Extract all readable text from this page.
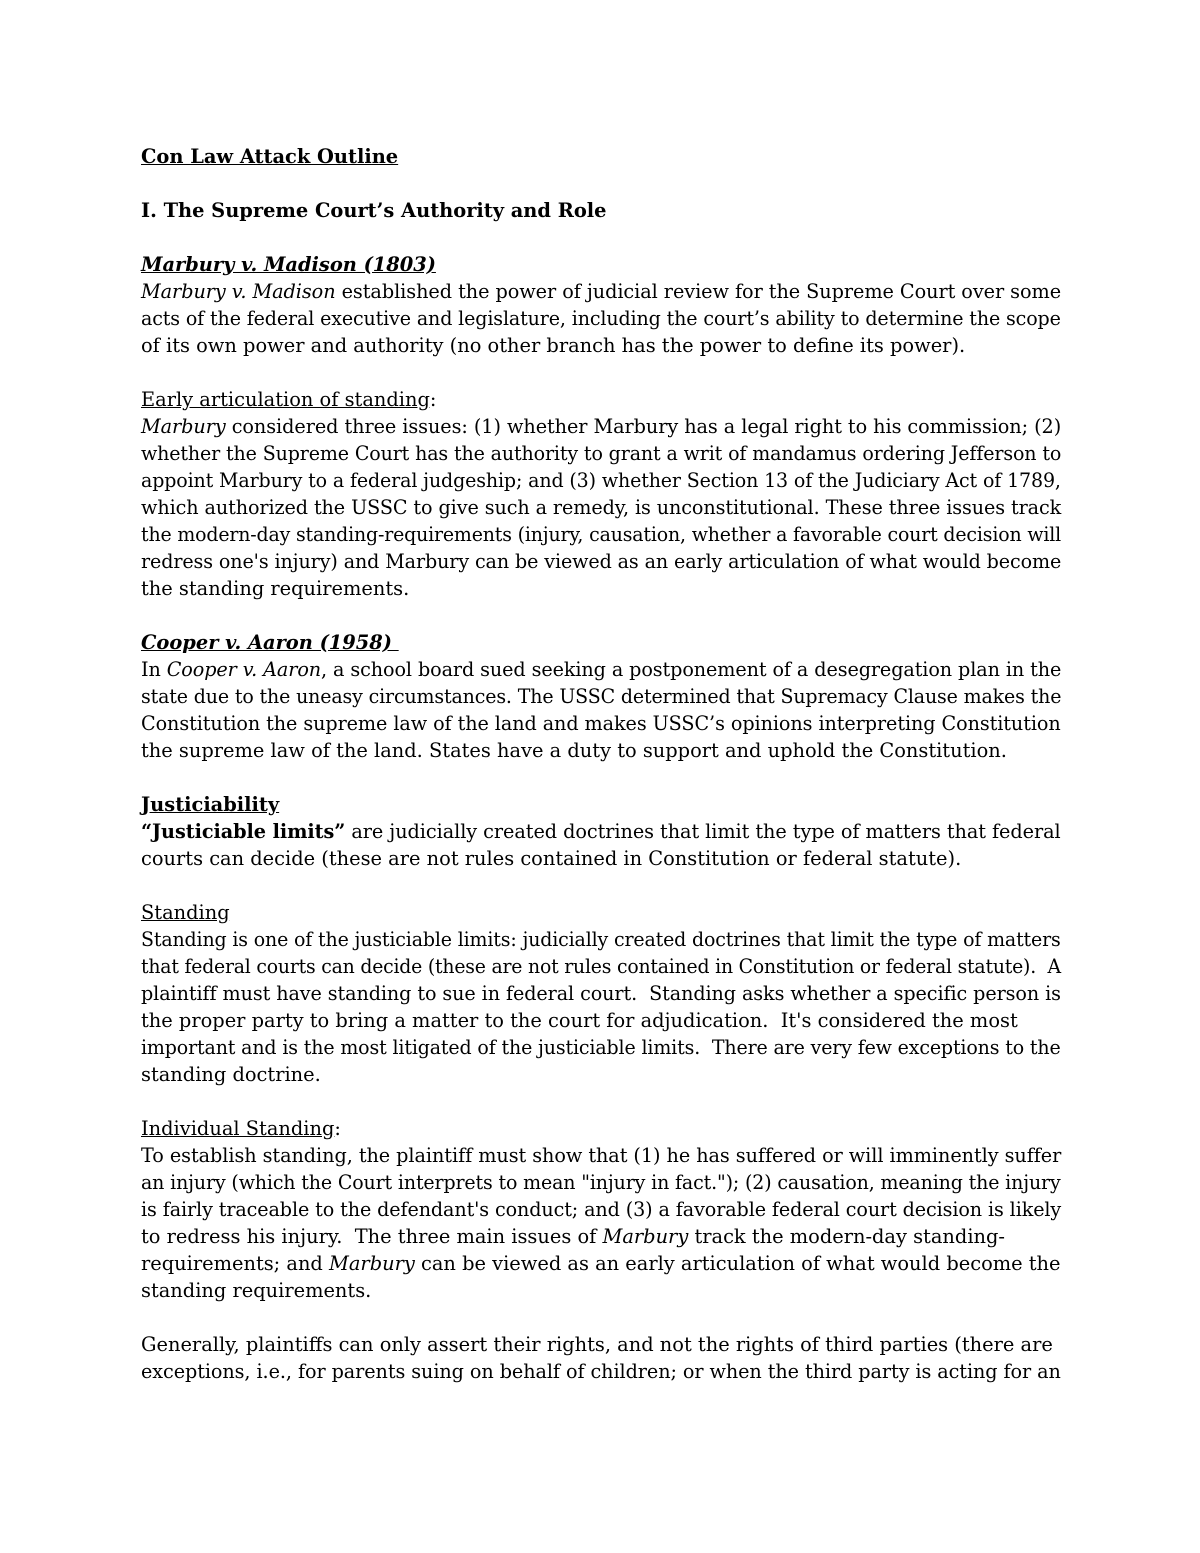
Con Law Attack Outline
I. The Supreme Court’s Authority and Role
Marbury v. Madison (1803)
Marbury v. Madison established the power of judicial review for the Supreme Court over some
acts of the federal executive and legislature, including the court’s ability to determine the scope
of its own power and authority (no other branch has the power to define its power).
Early articulation of standing:
Marbury considered three issues: (1) whether Marbury has a legal right to his commission; (2)
whether the Supreme Court has the authority to grant a writ of mandamus ordering Jefferson to
appoint Marbury to a federal judgeship; and (3) whether Section 13 of the Judiciary Act of 1789,
which authorized the USSC to give such a remedy, is unconstitutional. These three issues track
the modern-day standing-requirements (injury, causation, whether a favorable court decision will
redress one's injury) and Marbury can be viewed as an early articulation of what would become
the standing requirements.
Cooper v. Aaron (1958)
In Cooper v. Aaron, a school board sued seeking a postponement of a desegregation plan in the
state due to the uneasy circumstances. The USSC determined that Supremacy Clause makes the
Constitution the supreme law of the land and makes USSC’s opinions interpreting Constitution
the supreme law of the land. States have a duty to support and uphold the Constitution.
Justiciability
“Justiciable limits” are judicially created doctrines that limit the type of matters that federal
courts can decide (these are not rules contained in Constitution or federal statute).
Standing
Standing is one of the justiciable limits: judicially created doctrines that limit the type of matters
that federal courts can decide (these are not rules contained in Constitution or federal statute).  A
plaintiff must have standing to sue in federal court.  Standing asks whether a specific person is
the proper party to bring a matter to the court for adjudication.  It's considered the most
important and is the most litigated of the justiciable limits.  There are very few exceptions to the
standing doctrine.
Individual Standing:
To establish standing, the plaintiff must show that (1) he has suffered or will imminently suffer
an injury (which the Court interprets to mean "injury in fact."); (2) causation, meaning the injury
is fairly traceable to the defendant's conduct; and (3) a favorable federal court decision is likely
to redress his injury.  The three main issues of Marbury track the modern-day standing-
requirements; and Marbury can be viewed as an early articulation of what would become the
standing requirements.
Generally, plaintiffs can only assert their rights, and not the rights of third parties (there are
exceptions, i.e., for parents suing on behalf of children; or when the third party is acting for an
